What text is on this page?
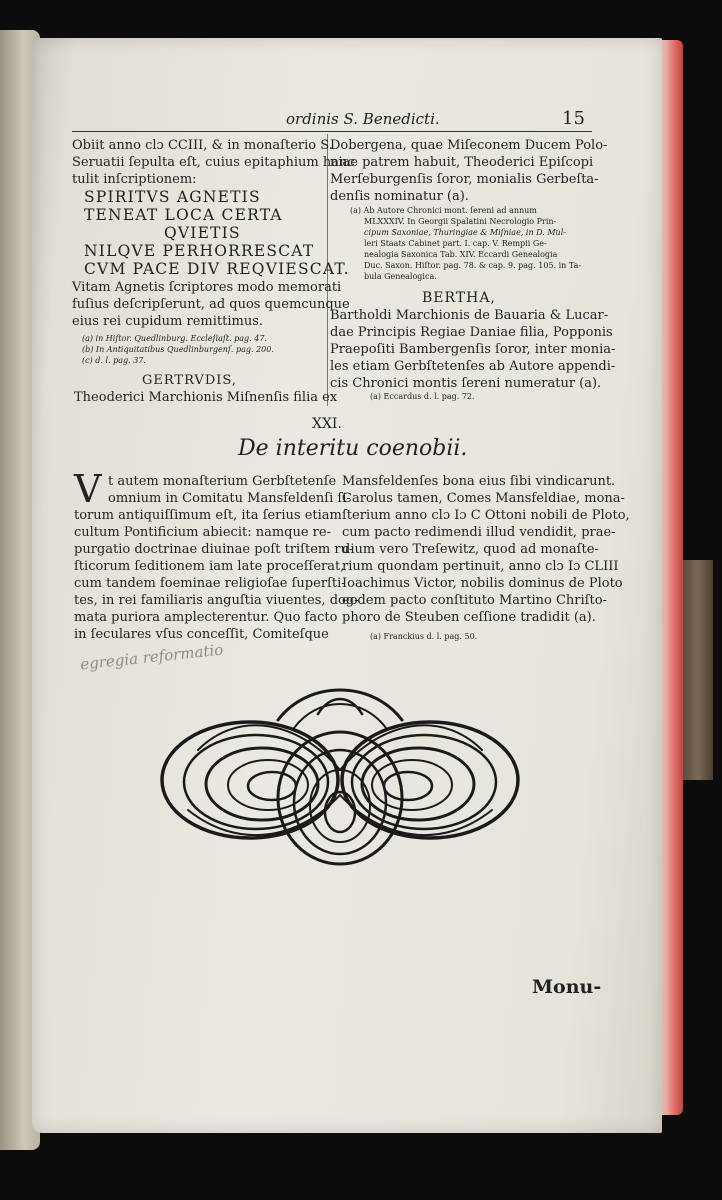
ordinis S. Benedicti.	15
Obiit anno clɔ CCIII, & in monaſterio S.
Seruatii ſepulta eſt, cuius epitaphium hanc
tulit inſcriptionem:
SPIRITVS AGNETIS
TENEAT LOCA CERTA
QVIETIS
NILQVE PERHORRESCAT
CVM PACE DIV REQVIESCAT.
Vitam Agnetis ſcriptores modo memorati
fuſius deſcripſerunt, ad quos quemcunque
eius rei cupidum remittimus.
(a) in Hiſtor. Quedlinburg. Eccleſiaſt. pag. 47.
(b) In Antiquitatibus Quedlinburgenſ. pag. 200.
(c) d. l. pag. 37.
GERTRVDIS,
Theoderici Marchionis Miſnenſis filia ex
Dobergena, quae Miſeconem Ducem Polo-
niae patrem habuit, Theoderici Epiſcopi
Merſeburgenſis ſoror, monialis Gerbeſta-
denſis nominatur (a).
(a) Ab Autore Chronici mont. ſereni ad annum
MLXXXIV. In Georgii Spalatini Necrologio Prin-
cipum Saxoniae, Thuringiae & Miſniae, in D. Mul-
leri Staats Cabinet part. I. cap. V. Rempii Ge-
nealogia Saxonica Tab. XIV. Eccardi Genealogia
Duc. Saxon. Hiſtor. pag. 78. & cap. 9. pag. 105. in Ta-
bula Genealogica.
BERTHA,
Bartholdi Marchionis de Bauaria & Lucar-
dae Principis Regiae Daniae filia, Popponis
Praepoſiti Bambergenſis ſoror, inter monia-
les etiam Gerbſtetenſes ab Autore appendi-
cis Chronici montis ſereni numeratur (a).
(a) Eccardus d. l. pag. 72.
XXI.
De interitu coenobii.
V t autem monaſterium Gerbſtetenſe
omnium in Comitatu Mansfeldenſi ſi-
torum antiquiſſimum eſt, ita ſerius etiam
cultum Pontificium abiecit: namque re-
purgatio doctrinae diuinae poſt triſtem ru-
ſticorum ſeditionem iam late proceſſerat,
cum tandem foeminae religioſae ſuperſti-
tes, in rei familiaris anguſtia viuentes, dog-
mata puriora amplecterentur. Quo facto
in ſeculares vſus conceſſit, Comiteſque
Mansfeldenſes bona eius ſibi vindicarunt.
Carolus tamen, Comes Mansfeldiae, mona-
ſterium anno clɔ Iɔ C Ottoni nobili de Ploto,
cum pacto redimendi illud vendidit, prae-
dium vero Treſewitz, quod ad monaſte-
rium quondam pertinuit, anno clɔ Iɔ CLIII
Ioachimus Victor, nobilis dominus de Ploto
eodem pacto conſtituto Martino Chriſto-
phoro de Steuben ceſſione tradidit (a).
(a) Franckius d. l. pag. 50.
Monu-
egregia reformatio
